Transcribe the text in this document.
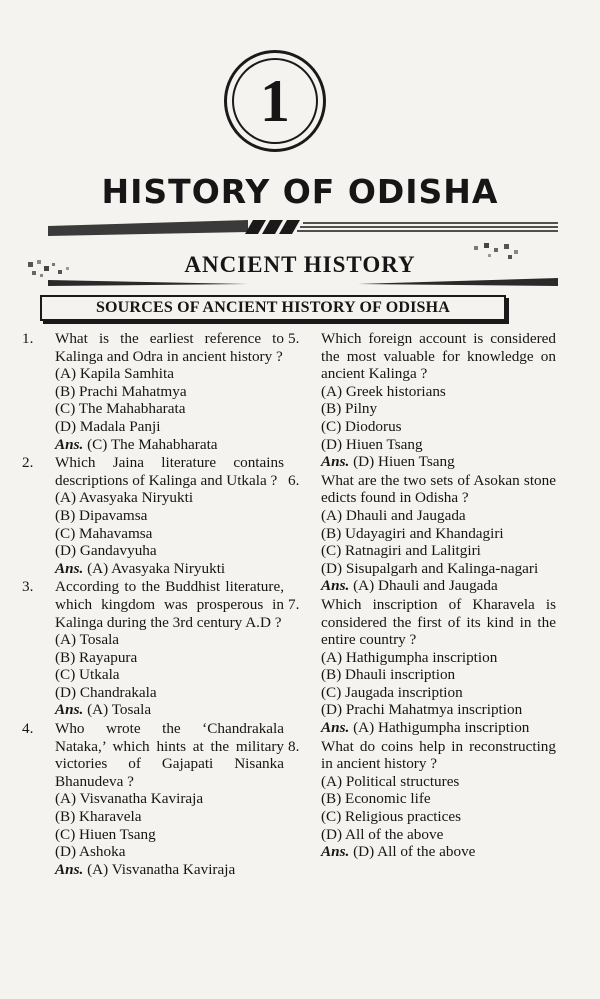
1
HISTORY OF ODISHA
ANCIENT HISTORY
SOURCES OF ANCIENT HISTORY OF ODISHA
1. What is the earliest reference to Kalinga and Odra in ancient history ?
(A) Kapila Samhita
(B) Prachi Mahatmya
(C) The Mahabharata
(D) Madala Panji
Ans. (C) The Mahabharata
2. Which Jaina literature contains descriptions of Kalinga and Utkala ?
(A) Avasyaka Niryukti
(B) Dipavamsa
(C) Mahavamsa
(D) Gandavyuha
Ans. (A) Avasyaka Niryukti
3. According to the Buddhist literature, which kingdom was prosperous in Kalinga during the 3rd century A.D ?
(A) Tosala
(B) Rayapura
(C) Utkala
(D) Chandrakala
Ans. (A) Tosala
4. Who wrote the ‘Chandrakala Nataka,’ which hints at the military victories of Gajapati Nisanka Bhanudeva ?
(A) Visvanatha Kaviraja
(B) Kharavela
(C) Hiuen Tsang
(D) Ashoka
Ans. (A) Visvanatha Kaviraja
5. Which foreign account is considered the most valuable for knowledge on ancient Kalinga ?
(A) Greek historians
(B) Pilny
(C) Diodorus
(D) Hiuen Tsang
Ans. (D) Hiuen Tsang
6. What are the two sets of Asokan stone edicts found in Odisha ?
(A) Dhauli and Jaugada
(B) Udayagiri and Khandagiri
(C) Ratnagiri and Lalitgiri
(D) Sisupalgarh and Kalinga-nagari
Ans. (A) Dhauli and Jaugada
7. Which inscription of Kharavela is considered the first of its kind in the entire country ?
(A) Hathigumpha inscription
(B) Dhauli inscription
(C) Jaugada inscription
(D) Prachi Mahatmya inscription
Ans. (A) Hathigumpha inscription
8. What do coins help in reconstructing in ancient history ?
(A) Political structures
(B) Economic life
(C) Religious practices
(D) All of the above
Ans. (D) All of the above
